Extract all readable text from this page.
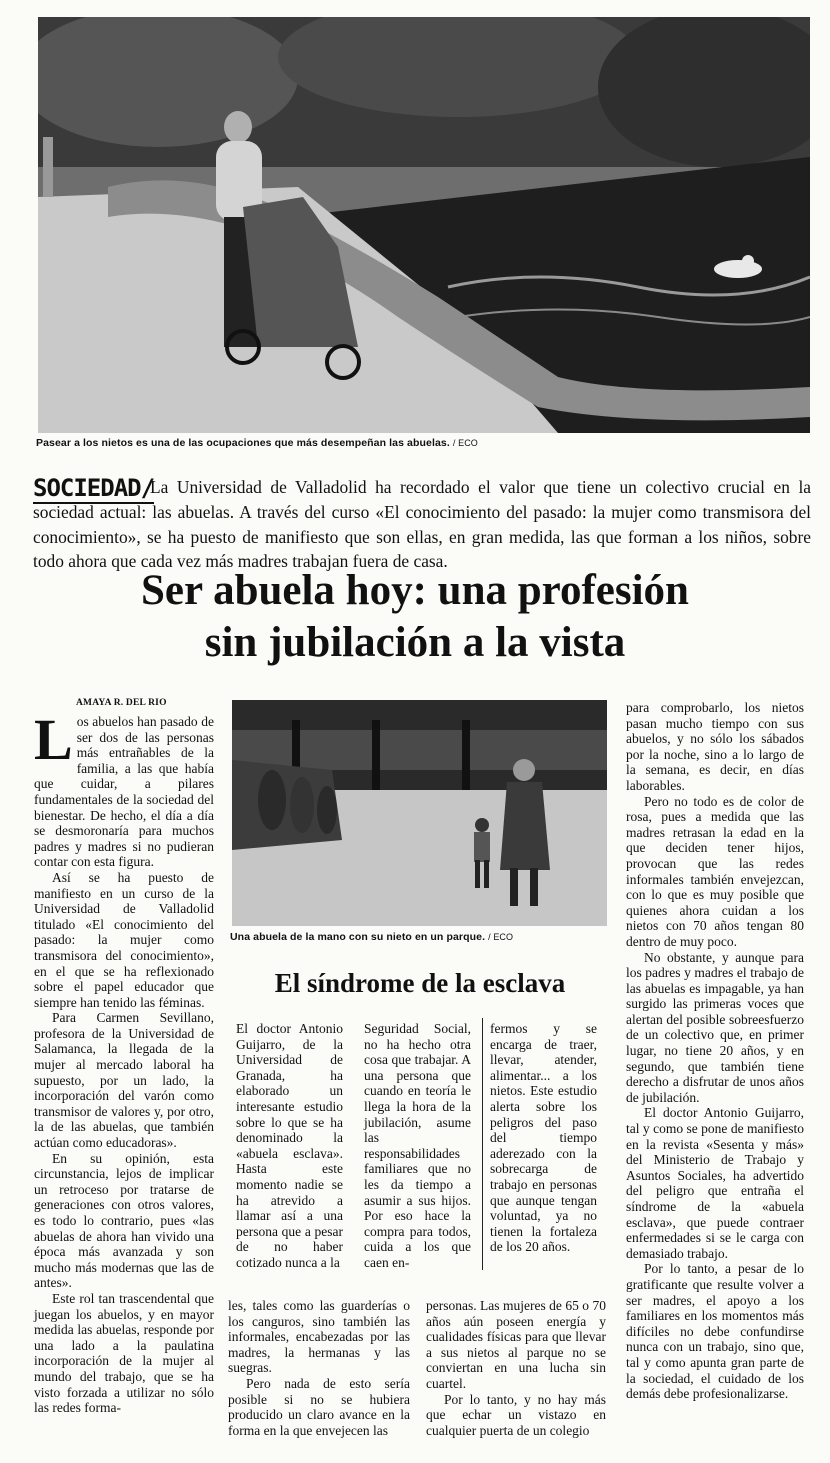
Pasear a los nietos es una de las ocupaciones que más desempeñan las abuelas. / ECO
SOCIEDAD/
La Universidad de Valladolid ha recordado el valor que tiene un colectivo crucial en la sociedad actual: las abuelas. A través del curso «El conocimiento del pasado: la mujer como transmisora del conocimiento», se ha puesto de manifiesto que son ellas, en gran medida, las que forman a los niños, sobre todo ahora que cada vez más madres trabajan fuera de casa.
Ser abuela hoy: una profesión
sin jubilación a la vista
AMAYA R. DEL RIO

Los abuelos han pasado de ser dos de las personas más entrañables de la familia, a las que había que cuidar, a pilares fundamentales de la sociedad del bienestar. De hecho, el día a día se desmoronaría para muchos padres y madres si no pudieran contar con esta figura.

Así se ha puesto de manifiesto en un curso de la Universidad de Valladolid titulado «El conocimiento del pasado: la mujer como transmisora del conocimiento», en el que se ha reflexionado sobre el papel educador que siempre han tenido las féminas.

Para Carmen Sevillano, profesora de la Universidad de Salamanca, la llegada de la mujer al mercado laboral ha supuesto, por un lado, la incorporación del varón como transmisor de valores y, por otro, la de las abuelas, que también actúan como educadoras».

En su opinión, esta circunstancia, lejos de implicar un retroceso por tratarse de generaciones con otros valores, es todo lo contrario, pues «las abuelas de ahora han vivido una época más avanzada y son mucho más modernas que las de antes».

Este rol tan trascendental que juegan los abuelos, y en mayor medida las abuelas, responde por una lado a la paulatina incorporación de la mujer al mundo del trabajo, que se ha visto forzada a utilizar no sólo las redes forma-

Una abuela de la mano con su nieto en un parque. / ECO
El síndrome de la esclava

El doctor Antonio Guijarro, de la Universidad de Granada, ha elaborado un interesante estudio sobre lo que se ha denominado la «abuela esclava». Hasta este momento nadie se ha atrevido a llamar así a una persona que a pesar de no haber cotizado nunca a la

Seguridad Social, no ha hecho otra cosa que trabajar. A una persona que cuando en teoría le llega la hora de la jubilación, asume las responsabilidades familiares que no les da tiempo a asumir a sus hijos. Por eso hace la compra para todos, cuida a los que caen en-

fermos y se encarga de traer, llevar, atender, alimentar... a los nietos. Este estudio alerta sobre los peligros del paso del tiempo aderezado con la sobrecarga de trabajo en personas que aunque tengan voluntad, ya no tienen la fortaleza de los 20 años.

les, tales como las guarderías o los canguros, sino también las informales, encabezadas por las madres, la hermanas y las suegras.

Pero nada de esto sería posible si no se hubiera producido un claro avance en la forma en la que envejecen las

personas. Las mujeres de 65 o 70 años aún poseen energía y cualidades físicas para que llevar a sus nietos al parque no se conviertan en una lucha sin cuartel.

Por lo tanto, y no hay más que echar un vistazo en cualquier puerta de un colegio

para comprobarlo, los nietos pasan mucho tiempo con sus abuelos, y no sólo los sábados por la noche, sino a lo largo de la semana, es decir, en días laborables.

Pero no todo es de color de rosa, pues a medida que las madres retrasan la edad en la que deciden tener hijos, provocan que las redes informales también envejezcan, con lo que es muy posible que quienes ahora cuidan a los nietos con 70 años tengan 80 dentro de muy poco.

No obstante, y aunque para los padres y madres el trabajo de las abuelas es impagable, ya han surgido las primeras voces que alertan del posible sobreesfuerzo de un colectivo que, en primer lugar, no tiene 20 años, y en segundo, que también tiene derecho a disfrutar de unos años de jubilación.

El doctor Antonio Guijarro, tal y como se pone de manifiesto en la revista «Sesenta y más» del Ministerio de Trabajo y Asuntos Sociales, ha advertido del peligro que entraña el síndrome de la «abuela esclava», que puede contraer enfermedades si se le carga con demasiado trabajo.

Por lo tanto, a pesar de lo gratificante que resulte volver a ser madres, el apoyo a los familiares en los momentos más difíciles no debe confundirse nunca con un trabajo, sino que, tal y como apunta gran parte de la sociedad, el cuidado de los demás debe profesionalizarse.
